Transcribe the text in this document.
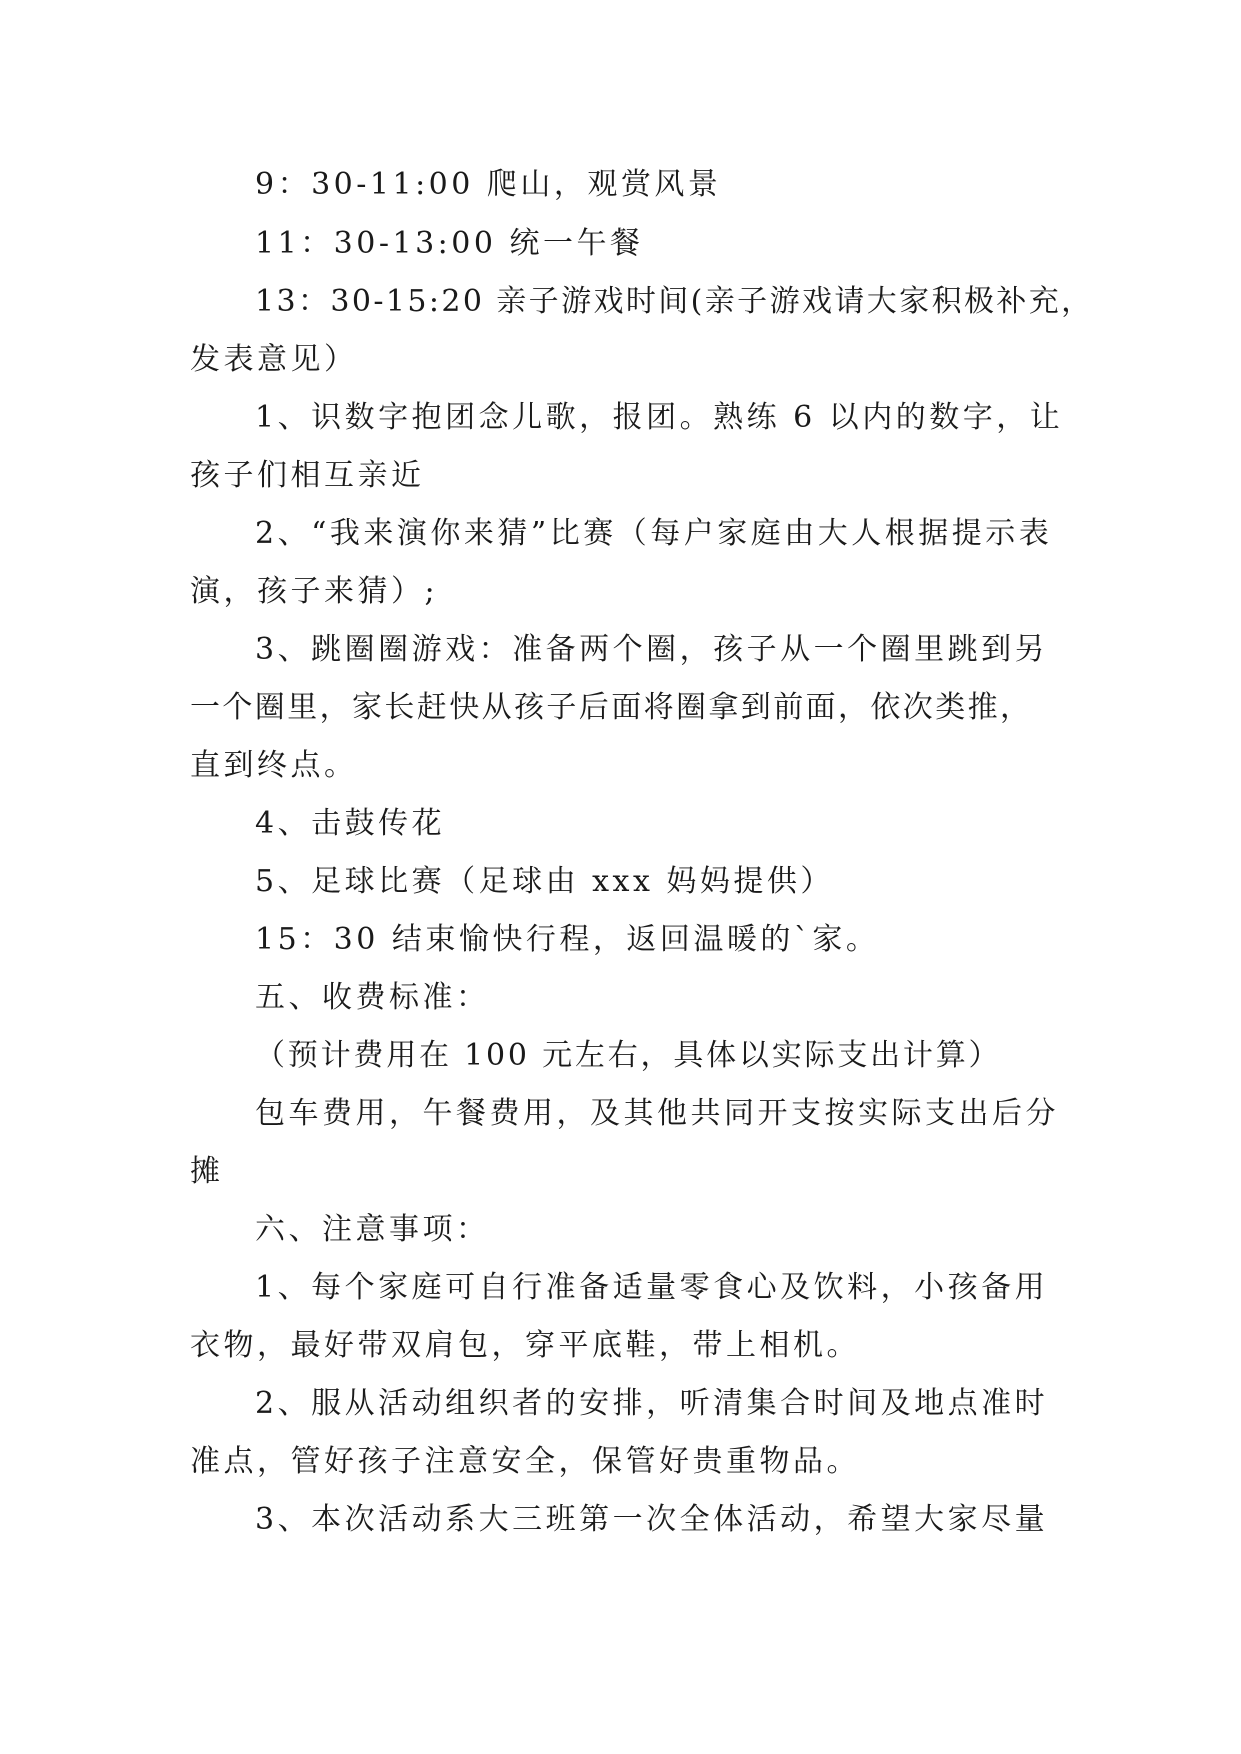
9：30-11:00 爬山，观赏风景
11：30-13:00 统一午餐
13：30-15:20 亲子游戏时间(亲子游戏请大家积极补充，
发表意见）
1、识数字抱团念儿歌，报团。熟练 6 以内的数字，让
孩子们相互亲近
2、“我来演你来猜”比赛（每户家庭由大人根据提示表
演，孩子来猜）;
3、跳圈圈游戏：准备两个圈，孩子从一个圈里跳到另
一个圈里，家长赶快从孩子后面将圈拿到前面，依次类推，
直到终点。
4、击鼓传花
5、足球比赛（足球由 xxx 妈妈提供）
15：30 结束愉快行程，返回温暖的`家。
五、收费标准：
（预计费用在 100 元左右，具体以实际支出计算）
包车费用，午餐费用，及其他共同开支按实际支出后分
摊
六、注意事项：
1、每个家庭可自行准备适量零食心及饮料，小孩备用
衣物，最好带双肩包，穿平底鞋，带上相机。
2、服从活动组织者的安排，听清集合时间及地点准时
准点，管好孩子注意安全，保管好贵重物品。
3、本次活动系大三班第一次全体活动，希望大家尽量
